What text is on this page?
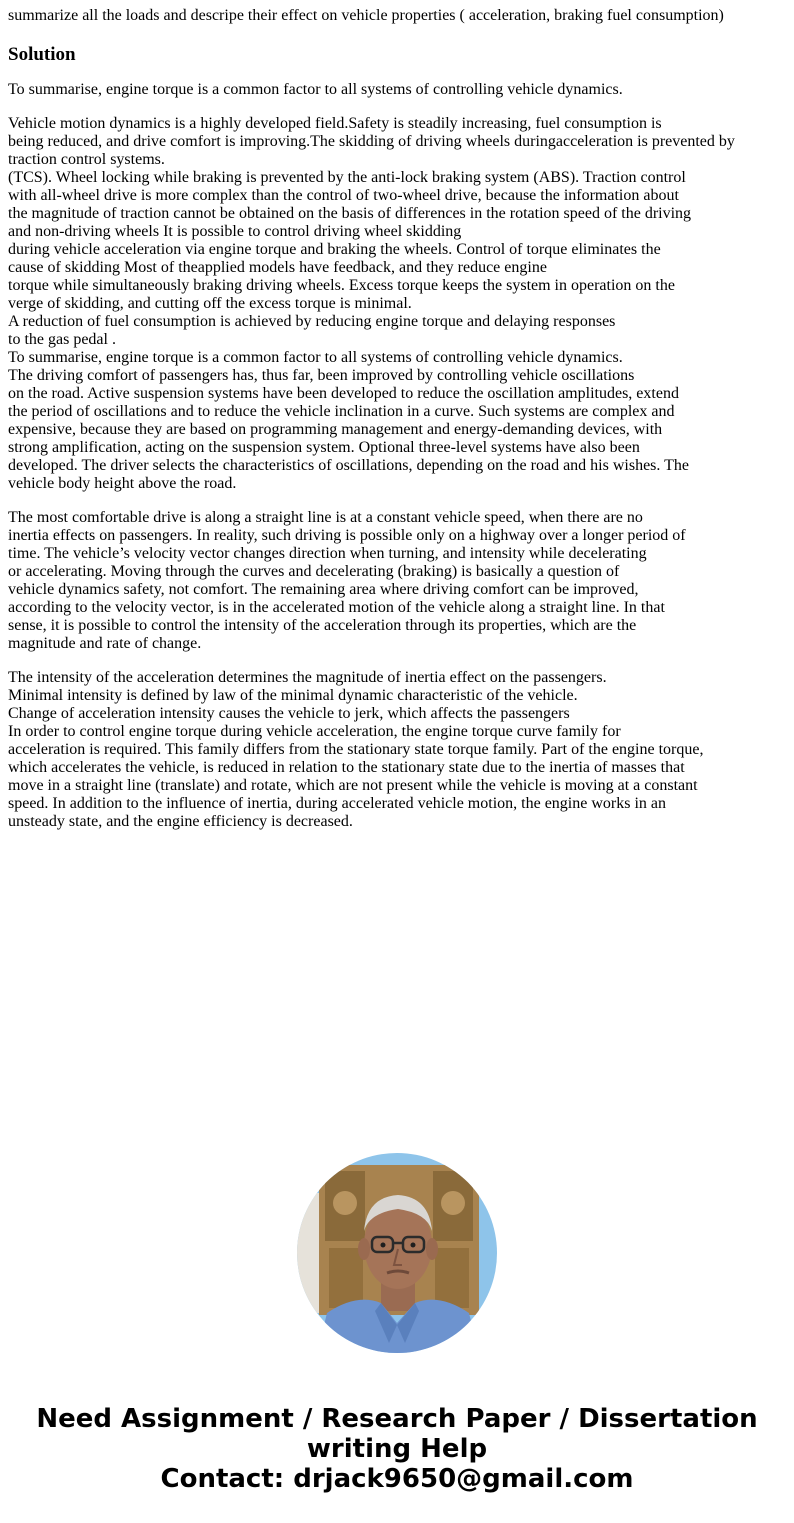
summarize all the loads and descripe their effect on vehicle properties ( acceleration, braking fuel consumption)

Solution

To summarise, engine torque is a common factor to all systems of controlling vehicle dynamics.

Vehicle motion dynamics is a highly developed field.Safety is steadily increasing, fuel consumption is
being reduced, and drive comfort is improving.The skidding of driving wheels duringacceleration is prevented by
traction control systems.
(TCS). Wheel locking while braking is prevented by the anti-lock braking system (ABS). Traction control
with all-wheel drive is more complex than the control of two-wheel drive, because the information about
the magnitude of traction cannot be obtained on the basis of differences in the rotation speed of the driving
and non-driving wheels It is possible to control driving wheel skidding
during vehicle acceleration via engine torque and braking the wheels. Control of torque eliminates the
cause of skidding Most of theapplied models have feedback, and they reduce engine
torque while simultaneously braking driving wheels. Excess torque keeps the system in operation on the
verge of skidding, and cutting off the excess torque is minimal.
A reduction of fuel consumption is achieved by reducing engine torque and delaying responses
to the gas pedal .
To summarise, engine torque is a common factor to all systems of controlling vehicle dynamics.
The driving comfort of passengers has, thus far, been improved by controlling vehicle oscillations
on the road. Active suspension systems have been developed to reduce the oscillation amplitudes, extend
the period of oscillations and to reduce the vehicle inclination in a curve. Such systems are complex and
expensive, because they are based on programming management and energy-demanding devices, with
strong amplification, acting on the suspension system. Optional three-level systems have also been
developed. The driver selects the characteristics of oscillations, depending on the road and his wishes. The
vehicle body height above the road.

The most comfortable drive is along a straight line is at a constant vehicle speed, when there are no
inertia effects on passengers. In reality, such driving is possible only on a highway over a longer period of
time. The vehicle’s velocity vector changes direction when turning, and intensity while decelerating
or accelerating. Moving through the curves and decelerating (braking) is basically a question of
vehicle dynamics safety, not comfort. The remaining area where driving comfort can be improved,
according to the velocity vector, is in the accelerated motion of the vehicle along a straight line. In that
sense, it is possible to control the intensity of the acceleration through its properties, which are the
magnitude and rate of change.

The intensity of the acceleration determines the magnitude of inertia effect on the passengers.
Minimal intensity is defined by law of the minimal dynamic characteristic of the vehicle.
Change of acceleration intensity causes the vehicle to jerk, which affects the passengers
In order to control engine torque during vehicle acceleration, the engine torque curve family for
acceleration is required. This family differs from the stationary state torque family. Part of the engine torque,
which accelerates the vehicle, is reduced in relation to the stationary state due to the inertia of masses that
move in a straight line (translate) and rotate, which are not present while the vehicle is moving at a constant
speed. In addition to the influence of inertia, during accelerated vehicle motion, the engine works in an
unsteady state, and the engine efficiency is decreased.

Need Assignment / Research Paper / Dissertation
writing Help
Contact: drjack9650@gmail.com
